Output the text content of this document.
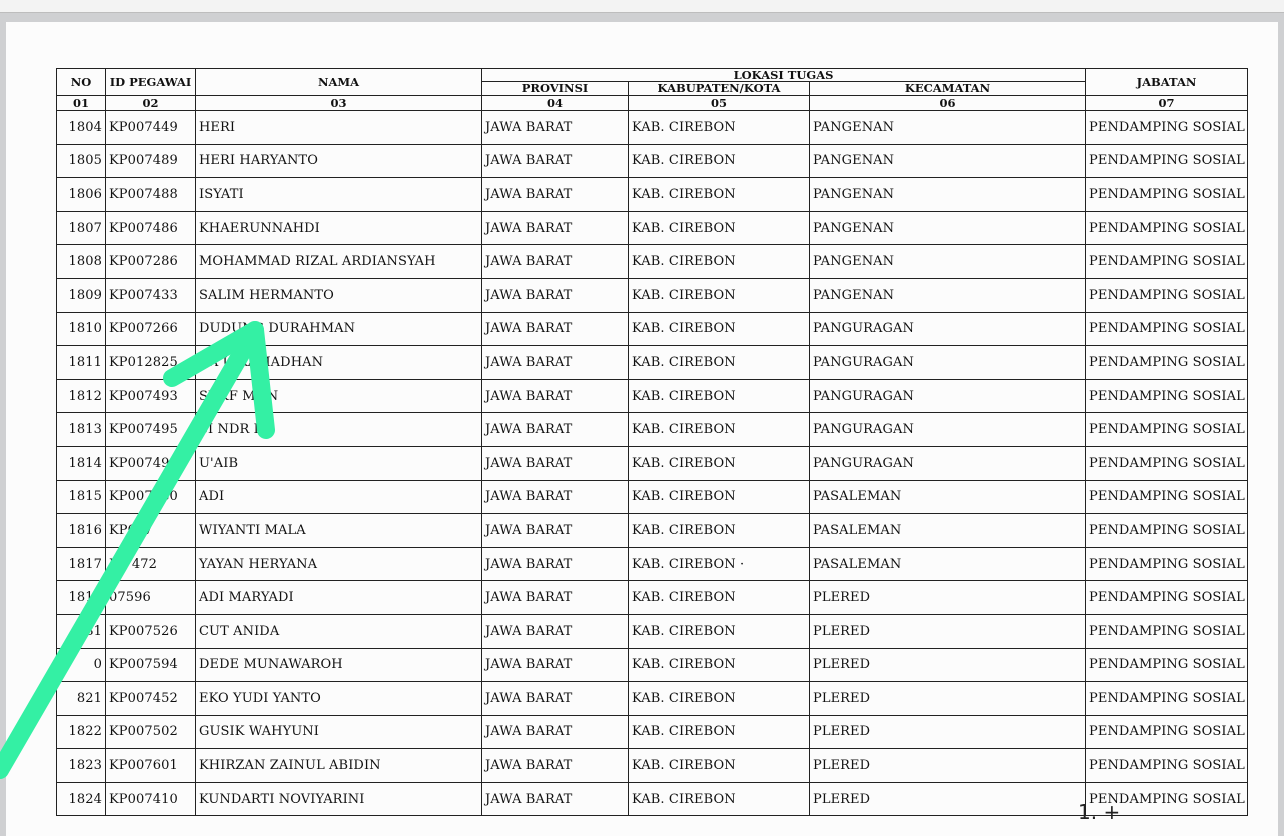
NO	ID PEGAWAI	NAMA	LOKASI TUGAS			JABATAN
			PROVINSI	KABUPATEN/KOTA	KECAMATAN	
01	02	03	04	05	06	07
1804	KP007449	HERI	JAWA BARAT	KAB. CIREBON	PANGENAN	PENDAMPING SOSIAL
1805	KP007489	HERI HARYANTO	JAWA BARAT	KAB. CIREBON	PANGENAN	PENDAMPING SOSIAL
1806	KP007488	ISYATI	JAWA BARAT	KAB. CIREBON	PANGENAN	PENDAMPING SOSIAL
1807	KP007486	KHAERUNNAHDI	JAWA BARAT	KAB. CIREBON	PANGENAN	PENDAMPING SOSIAL
1808	KP007286	MOHAMMAD RIZAL ARDIANSYAH	JAWA BARAT	KAB. CIREBON	PANGENAN	PENDAMPING SOSIAL
1809	KP007433	SALIM HERMANTO	JAWA BARAT	KAB. CIREBON	PANGENAN	PENDAMPING SOSIAL
1810	KP007266	DUDUNG DURAHMAN	JAWA BARAT	KAB. CIREBON	PANGURAGAN	PENDAMPING SOSIAL
1811	KP012825	RA U RAMADHAN	JAWA BARAT	KAB. CIREBON	PANGURAGAN	PENDAMPING SOSIAL
1812	KP007493	SUKF MUN	JAWA BARAT	KAB. CIREBON	PANGURAGAN	PENDAMPING SOSIAL
1813	KP007495	SI NDR I	JAWA BARAT	KAB. CIREBON	PANGURAGAN	PENDAMPING SOSIAL
1814	KP007491	U'AIB	JAWA BARAT	KAB. CIREBON	PANGURAGAN	PENDAMPING SOSIAL
1815	KP007580	ADI	JAWA BARAT	KAB. CIREBON	PASALEMAN	PENDAMPING SOSIAL
1816	KP007	WIYANTI MALA	JAWA BARAT	KAB. CIREBON	PASALEMAN	PENDAMPING SOSIAL
1817	KP 472	YAYAN HERYANA	JAWA BARAT	KAB. CIREBON ·	PASALEMAN	PENDAMPING SOSIAL
1818	07596	ADI MARYADI	JAWA BARAT	KAB. CIREBON	PLERED	PENDAMPING SOSIAL
181	KP007526	CUT ANIDA	JAWA BARAT	KAB. CIREBON	PLERED	PENDAMPING SOSIAL
0	KP007594	DEDE MUNAWAROH	JAWA BARAT	KAB. CIREBON	PLERED	PENDAMPING SOSIAL
821	KP007452	EKO YUDI YANTO	JAWA BARAT	KAB. CIREBON	PLERED	PENDAMPING SOSIAL
1822	KP007502	GUSIK WAHYUNI	JAWA BARAT	KAB. CIREBON	PLERED	PENDAMPING SOSIAL
1823	KP007601	KHIRZAN ZAINUL ABIDIN	JAWA BARAT	KAB. CIREBON	PLERED	PENDAMPING SOSIAL
1824	KP007410	KUNDARTI NOVIYARINI	JAWA BARAT	KAB. CIREBON	PLERED	PENDAMPING SOSIAL
1. +
